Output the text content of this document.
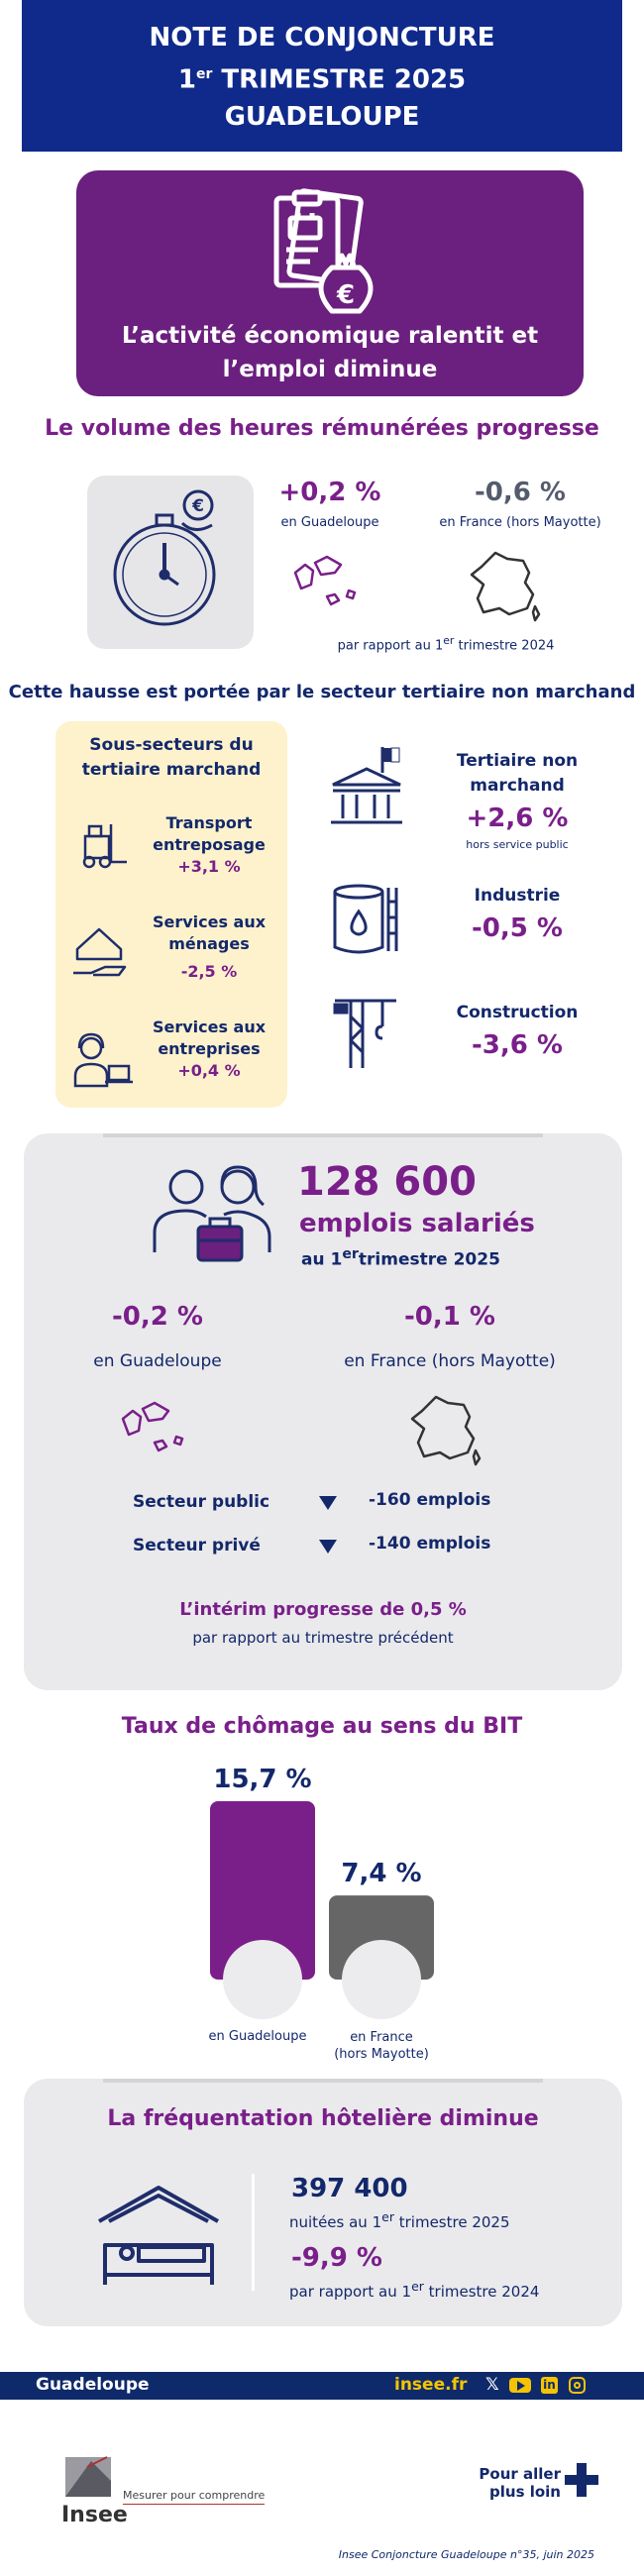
NOTE DE CONJONCTURE
1er TRIMESTRE 2025
GUADELOUPE
€
L’activité économique ralentit et
l’emploi diminue
Le volume des heures rémunérées progresse
€	+0,2 %
en Guadeloupe
-0,6 %
en France (hors Mayotte)
par rapport au 1er trimestre 2024
Cette hausse est portée par le secteur tertiaire non marchand
Sous-secteurs du
tertiaire marchand
Transport
entreposage
+3,1 %
Services aux
ménages
-2,5 %
Services aux
entreprises
+0,4 %
Tertiaire non
marchand
+2,6 %
hors service public
Industrie
-0,5 %
Construction
-3,6 %
128 600
emplois salariés
au 1ertrimestre 2025
-0,2 %
en Guadeloupe
-0,1 %
en France (hors Mayotte)
Secteur public	-160 emplois
Secteur privé	-140 emplois
L’intérim progresse de 0,5 %
par rapport au trimestre précédent
Taux de chômage au sens du BIT
15,7 %
7,4 %
en Guadeloupe	en France
(hors Mayotte)
La fréquentation hôtelière diminue
397 400
nuitées au 1er trimestre 2025
-9,9 %
par rapport au 1er trimestre 2024
Guadeloupe	insee.fr 𝕏	in
Insee
Mesurer pour comprendre
Pour aller
plus loin
Insee Conjoncture Guadeloupe n°35, juin 2025
